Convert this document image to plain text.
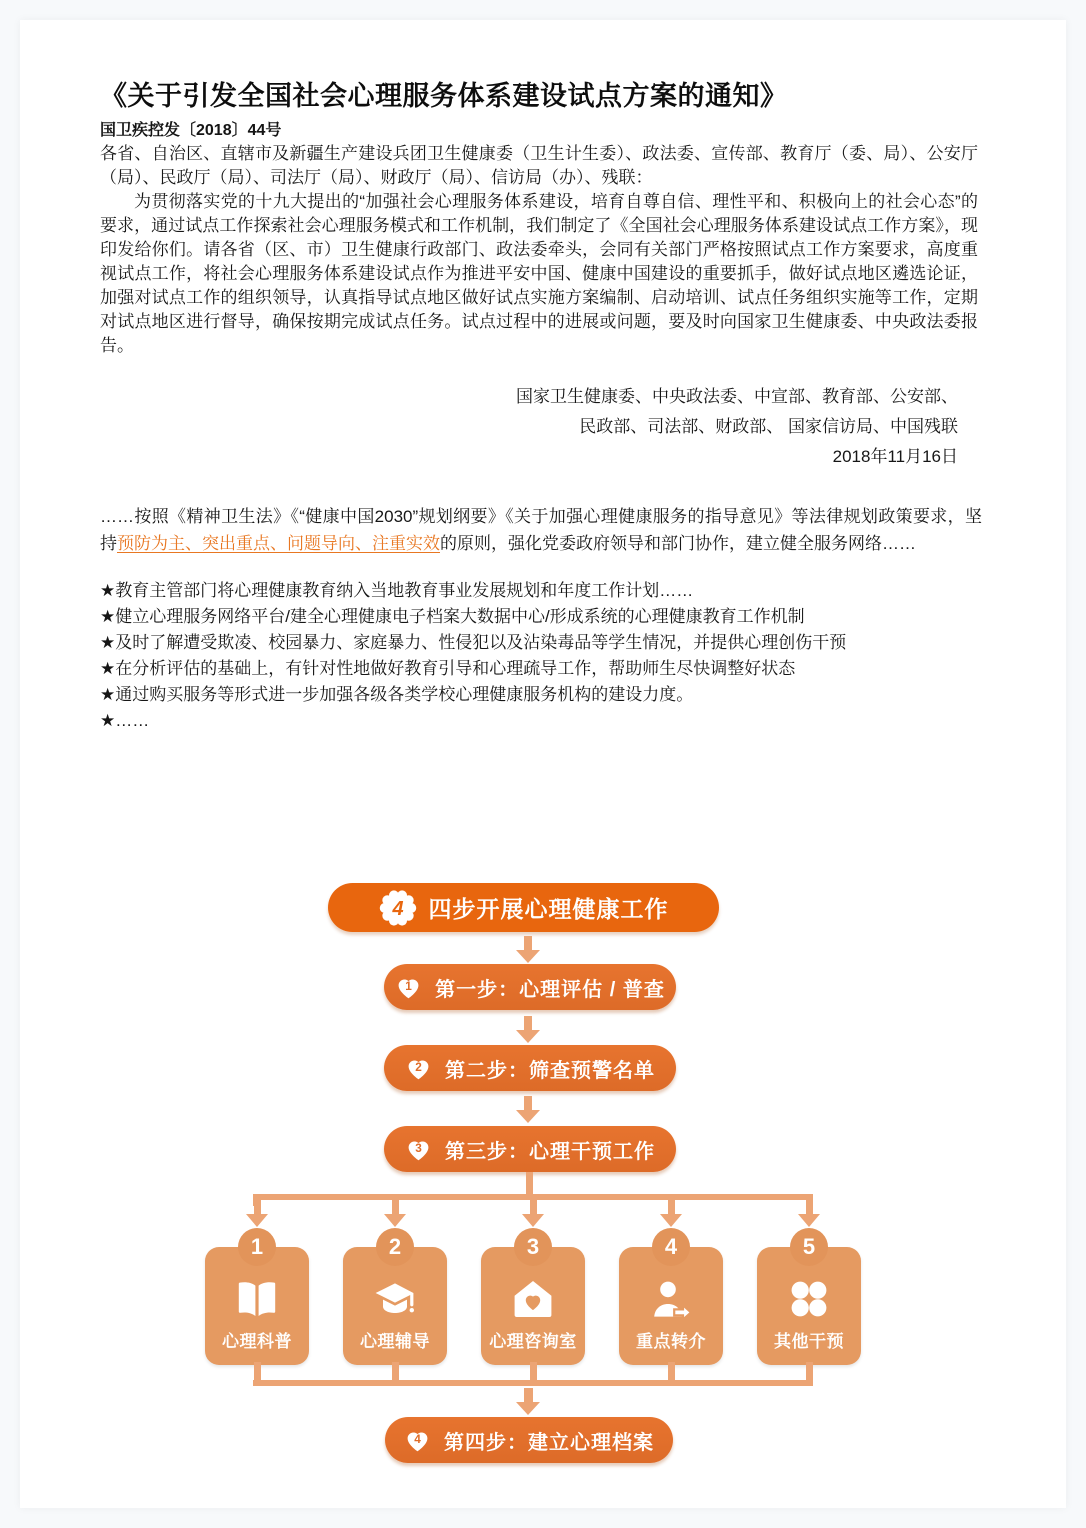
《关于引发全国社会心理服务体系建设试点方案的通知》
国卫疾控发〔2018〕44号

各省、自治区、直辖市及新疆生产建设兵团卫生健康委（卫生计生委）、政法委、宣传部、教育厅（委、局）、公安厅（局）、民政厅（局）、司法厅（局）、财政厅（局）、信访局（办）、残联：

为贯彻落实党的十九大提出的“加强社会心理服务体系建设，培育自尊自信、理性平和、积极向上的社会心态”的要求，通过试点工作探索社会心理服务模式和工作机制，我们制定了《全国社会心理服务体系建设试点工作方案》，现印发给你们。请各省（区、市）卫生健康行政部门、政法委牵头，会同有关部门严格按照试点工作方案要求，高度重视试点工作，将社会心理服务体系建设试点作为推进平安中国、健康中国建设的重要抓手，做好试点地区遴选论证，加强对试点工作的组织领导，认真指导试点地区做好试点实施方案编制、启动培训、试点任务组织实施等工作，定期对试点地区进行督导，确保按期完成试点任务。试点过程中的进展或问题，要及时向国家卫生健康委、中央政法委报告。

国家卫生健康委、中央政法委、中宣部、教育部、公安部、
民政部、司法部、财政部、 国家信访局、中国残联
2018年11月16日
……按照《精神卫生法》《“健康中国2030”规划纲要》《关于加强心理健康服务的指导意见》等法律规划政策要求，坚持预防为主、突出重点、问题导向、注重实效的原则，强化党委政府领导和部门协作，建立健全服务网络……
★教育主管部门将心理健康教育纳入当地教育事业发展规划和年度工作计划……
★健立心理服务网络平台/建全心理健康电子档案大数据中心/形成系统的心理健康教育工作机制
★及时了解遭受欺凌、校园暴力、家庭暴力、性侵犯以及沾染毒品等学生情况，并提供心理创伤干预
★在分析评估的基础上，有针对性地做好教育引导和心理疏导工作，帮助师生尽快调整好状态
★通过购买服务等形式进一步加强各级各类学校心理健康服务机构的建设力度。
★……
4 四步开展心理健康工作
1 第一步：心理评估 / 普查
2 第二步：筛查预警名单
3 第三步：心理干预工作
1
心理科普
2
心理辅导
3
心理咨询室
4
重点转介
5
其他干预
4 第四步：建立心理档案
